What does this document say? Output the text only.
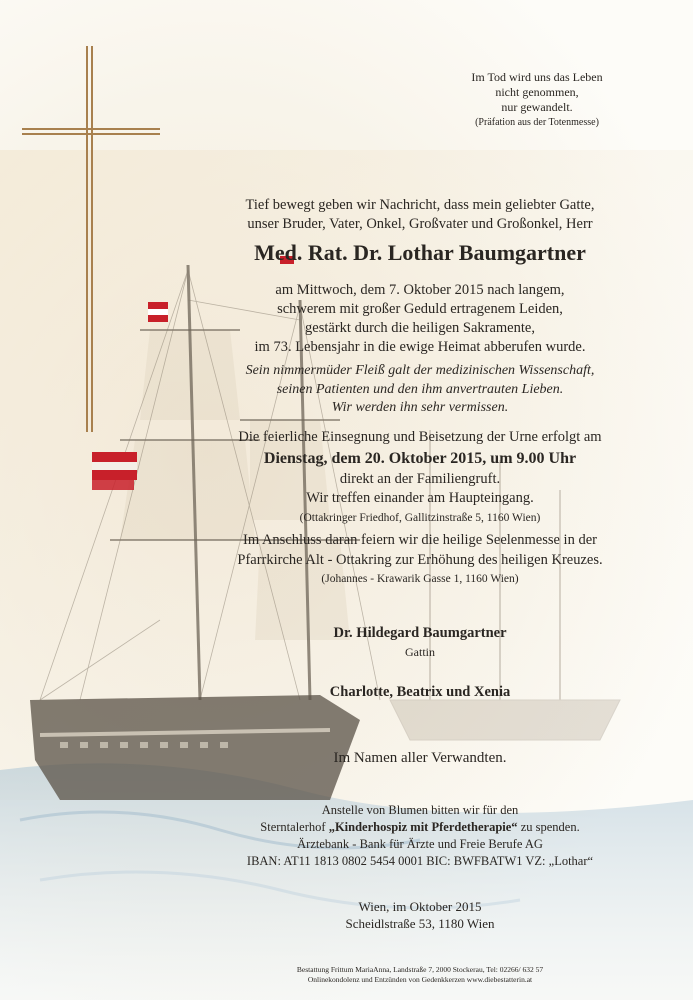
Im Tod wird uns das Leben
nicht genommen,
nur gewandelt.
(Präfation aus der Totenmesse)
Tief bewegt geben wir Nachricht, dass mein geliebter Gatte,
unser Bruder, Vater, Onkel, Großvater und Großonkel, Herr
Med. Rat. Dr. Lothar Baumgartner
am Mittwoch, dem 7. Oktober 2015 nach langem,
schwerem mit großer Geduld ertragenem Leiden,
gestärkt durch die heiligen Sakramente,
im 73. Lebensjahr in die ewige Heimat abberufen wurde.
Sein nimmermüder Fleiß galt der medizinischen Wissenschaft,
seinen Patienten und den ihm anvertrauten Lieben.
Wir werden ihn sehr vermissen.
Die feierliche Einsegnung und Beisetzung der Urne erfolgt am
Dienstag, dem 20. Oktober 2015, um 9.00 Uhr
direkt an der Familiengruft.
Wir treffen einander am Haupteingang.
(Ottakringer Friedhof, Gallitzinstraße 5, 1160 Wien)
Im Anschluss daran feiern wir die heilige Seelenmesse in der
Pfarrkirche Alt - Ottakring zur Erhöhung des heiligen Kreuzes.
(Johannes - Krawarik Gasse 1, 1160 Wien)
Dr. Hildegard Baumgartner
Gattin
Charlotte, Beatrix und Xenia
Im Namen aller Verwandten.
Anstelle von Blumen bitten wir für den
Sterntalerhof „Kinderhospiz mit Pferdetherapie“ zu spenden.
Ärztebank - Bank für Ärzte und Freie Berufe AG
IBAN: AT11 1813 0802 5454 0001 BIC: BWFBATW1 VZ: „Lothar“
Wien, im Oktober 2015
Scheidlstraße 53, 1180 Wien
Bestattung Frittum MariaAnna, Landstraße 7, 2000 Stockerau, Tel: 02266/ 632 57
Onlinekondolenz und Entzünden von Gedenkkerzen www.diebestatterin.at
